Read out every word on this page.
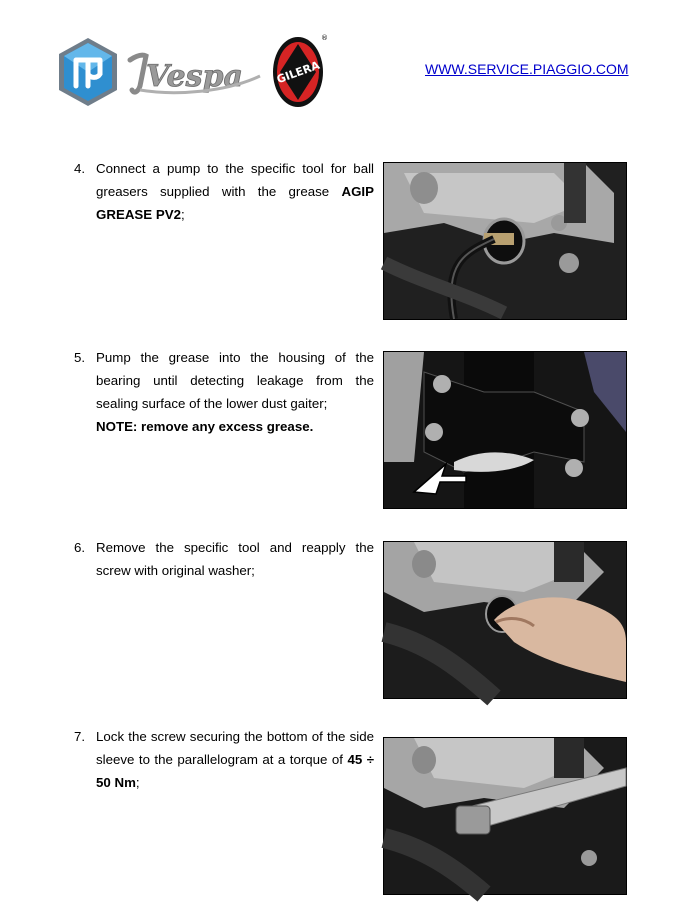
Vespa	GILERA
®
WWW.SERVICE.PIAGGIO.COM
4. Connect a pump to the specific tool for ball greasers supplied with the grease AGIP GREASE PV2;
5. Pump the grease into the housing of the bearing until detecting leakage from the sealing surface of the lower dust gaiter;
NOTE: remove any excess grease.
6. Remove the specific tool and reapply the screw with original washer;
7. Lock the screw securing the bottom of the side sleeve to the parallelogram at a torque of 45 ÷ 50 Nm;
